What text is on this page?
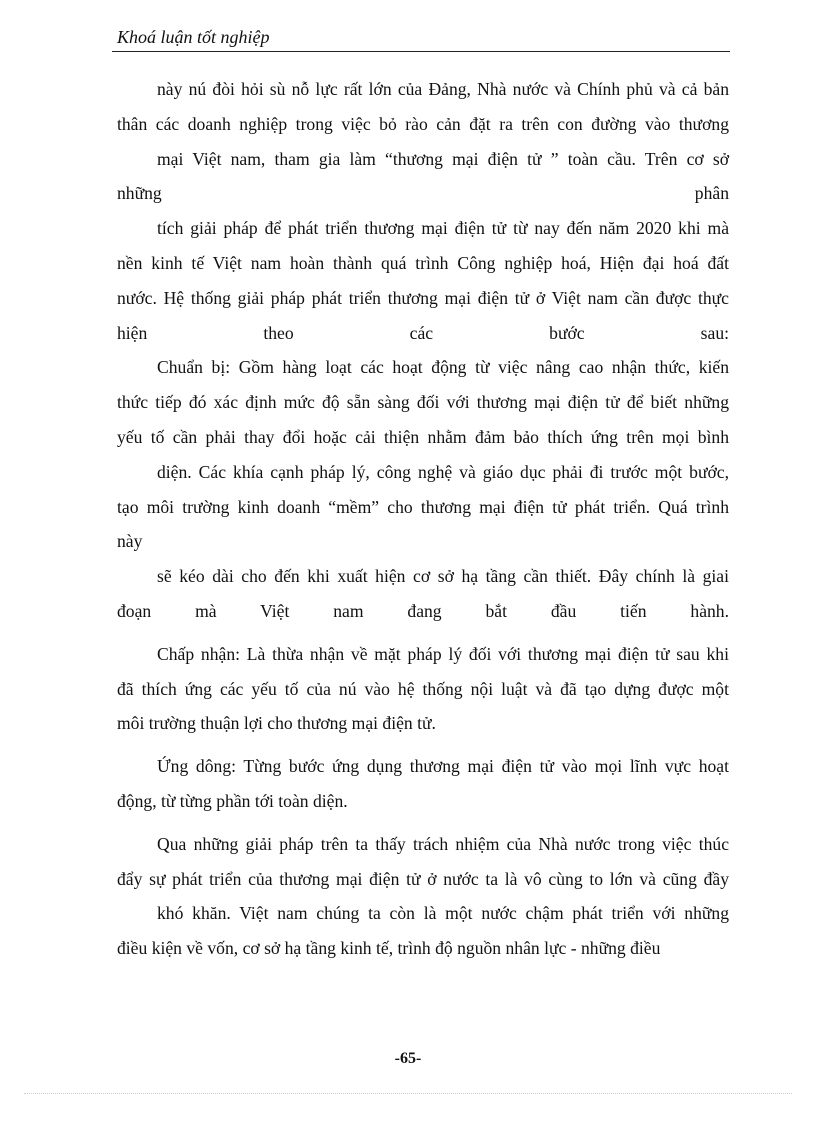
Khoá luận tốt nghiệp
này nú đòi hỏi sù nỗ lực rất lớn của Đảng, Nhà nước và Chính phủ và cả bản
thân các doanh nghiệp trong việc bỏ rào cản đặt ra trên con đường vào thương
mại Việt nam, tham gia làm “thương mại điện tử ” toàn cầu. Trên cơ sở
những phân
tích giải pháp để phát triển thương mại điện tử từ nay đến năm 2020 khi mà
nền kinh tế Việt nam hoàn thành quá trình Công nghiệp hoá, Hiện đại hoá đất
nước. Hệ thống giải pháp phát triển thương mại điện tử ở Việt nam cần được thực
hiện theo các bước sau:
Chuẩn bị: Gồm hàng loạt các hoạt động từ việc nâng cao nhận thức, kiến
thức tiếp đó xác định mức độ sẵn sàng đối với thương mại điện tử để biết những
yếu tố cần phải thay đổi hoặc cải thiện nhằm đảm bảo thích ứng trên mọi bình
diện. Các khía cạnh pháp lý, công nghệ và giáo dục phải đi trước một bước,
tạo môi trường kinh doanh “mềm” cho thương mại điện tử phát triển. Quá trình
này
sẽ kéo dài cho đến khi xuất hiện cơ sở hạ tầng cần thiết. Đây chính là giai
đoạn mà Việt nam đang bắt đầu tiến hành.
Chấp nhận: Là thừa nhận về mặt pháp lý đối với thương mại điện tử sau khi
đã thích ứng các yếu tố của nú vào hệ thống nội luật và đã tạo dựng được một
môi trường thuận lợi cho thương mại điện tử.
Ứng dông: Từng bước ứng dụng thương mại điện tử vào mọi lĩnh vực hoạt
động, từ từng phần tới toàn diện.
Qua những giải pháp trên ta thấy trách nhiệm của Nhà nước trong việc thúc
đẩy sự phát triển của thương mại điện tử ở nước ta là vô cùng to lớn và cũng đầy
khó khăn. Việt nam chúng ta còn là một nước chậm phát triển với những
điều kiện về vốn, cơ sở hạ tầng kinh tế, trình độ nguồn nhân lực - những điều
-65-
